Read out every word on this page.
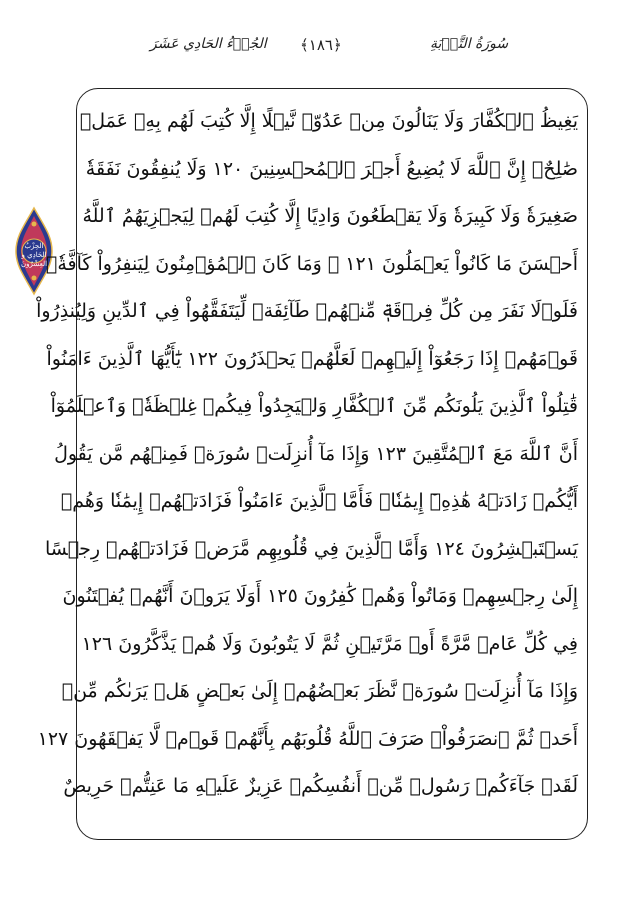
الجُزۡءُ الحَادِي عَشَرَ ﴿١٨٦﴾	سُورَةُ التَّوۡبَةِ
الحِزْبُ الحَادِي و العِشْرُونَ
يَغِيظُ ٱلۡكُفَّارَ وَلَا يَنَالُونَ مِنۡ عَدُوّٖ نَّيۡلًا إِلَّا كُتِبَ لَهُم بِهِۦ عَمَلٞ
صَٰلِحٌۚ إِنَّ ٱللَّهَ لَا يُضِيعُ أَجۡرَ ٱلۡمُحۡسِنِينَ ١٢٠ وَلَا يُنفِقُونَ نَفَقَةٗ
صَغِيرَةٗ وَلَا كَبِيرَةٗ وَلَا يَقۡطَعُونَ وَادِيًا إِلَّا كُتِبَ لَهُمۡ لِيَجۡزِيَهُمُ ٱللَّهُ
أَحۡسَنَ مَا كَانُواْ يَعۡمَلُونَ ١٢١ ۞ وَمَا كَانَ ٱلۡمُؤۡمِنُونَ لِيَنفِرُواْ كَآفَّةٗۚ
فَلَوۡلَا نَفَرَ مِن كُلِّ فِرۡقَةٖ مِّنۡهُمۡ طَآئِفَةٞ لِّيَتَفَقَّهُواْ فِي ٱلدِّينِ وَلِيُنذِرُواْ
قَوۡمَهُمۡ إِذَا رَجَعُوٓاْ إِلَيۡهِمۡ لَعَلَّهُمۡ يَحۡذَرُونَ ١٢٢ يَٰٓأَيُّهَا ٱلَّذِينَ ءَامَنُواْ
قَٰتِلُواْ ٱلَّذِينَ يَلُونَكُم مِّنَ ٱلۡكُفَّارِ وَلۡيَجِدُواْ فِيكُمۡ غِلۡظَةٗۚ وَٱعۡلَمُوٓاْ
أَنَّ ٱللَّهَ مَعَ ٱلۡمُتَّقِينَ ١٢٣ وَإِذَا مَآ أُنزِلَتۡ سُورَةٞ فَمِنۡهُم مَّن يَقُولُ
أَيُّكُمۡ زَادَتۡهُ هَٰذِهِۦٓ إِيمَٰنٗاۚ فَأَمَّا ٱلَّذِينَ ءَامَنُواْ فَزَادَتۡهُمۡ إِيمَٰنٗا وَهُمۡ
يَسۡتَبۡشِرُونَ ١٢٤ وَأَمَّا ٱلَّذِينَ فِي قُلُوبِهِم مَّرَضٞ فَزَادَتۡهُمۡ رِجۡسًا
إِلَىٰ رِجۡسِهِمۡ وَمَاتُواْ وَهُمۡ كَٰفِرُونَ ١٢٥ أَوَلَا يَرَوۡنَ أَنَّهُمۡ يُفۡتَنُونَ
فِي كُلِّ عَامٖ مَّرَّةً أَوۡ مَرَّتَيۡنِ ثُمَّ لَا يَتُوبُونَ وَلَا هُمۡ يَذَّكَّرُونَ ١٢٦
وَإِذَا مَآ أُنزِلَتۡ سُورَةٞ نَّظَرَ بَعۡضُهُمۡ إِلَىٰ بَعۡضٍ هَلۡ يَرَىٰكُم مِّنۡ
أَحَدٖ ثُمَّ ٱنصَرَفُواْۚ صَرَفَ ٱللَّهُ قُلُوبَهُم بِأَنَّهُمۡ قَوۡمٞ لَّا يَفۡقَهُونَ ١٢٧
لَقَدۡ جَآءَكُمۡ رَسُولٞ مِّنۡ أَنفُسِكُمۡ عَزِيزٌ عَلَيۡهِ مَا عَنِتُّمۡ حَرِيصٌ
